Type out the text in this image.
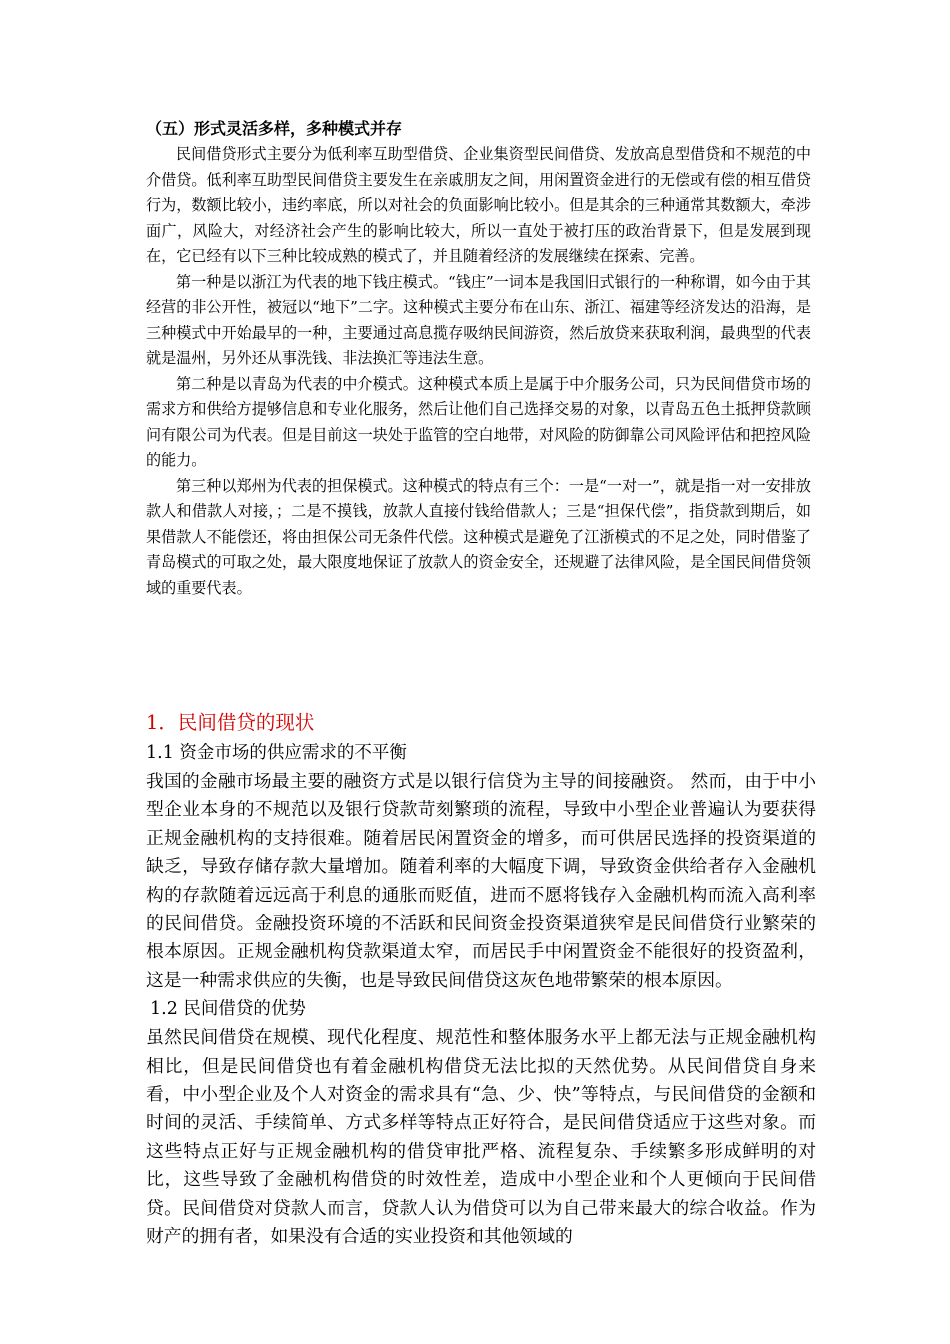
（五）形式灵活多样，多种模式并存

民间借贷形式主要分为低利率互助型借贷、企业集资型民间借贷、发放高息型借贷和不规范的中介借贷。低利率互助型民间借贷主要发生在亲戚朋友之间，用闲置资金进行的无偿或有偿的相互借贷行为，数额比较小，违约率底，所以对社会的负面影响比较小。但是其余的三种通常其数额大，牵涉面广，风险大，对经济社会产生的影响比较大，所以一直处于被打压的政治背景下，但是发展到现在，它已经有以下三种比较成熟的模式了，并且随着经济的发展继续在探索、完善。

第一种是以浙江为代表的地下钱庄模式。“钱庄”一词本是我国旧式银行的一种称谓，如今由于其经营的非公开性，被冠以“地下”二字。这种模式主要分布在山东、浙江、福建等经济发达的沿海，是三种模式中开始最早的一种，主要通过高息揽存吸纳民间游资，然后放贷来获取利润，最典型的代表就是温州，另外还从事洗钱、非法换汇等违法生意。

第二种是以青岛为代表的中介模式。这种模式本质上是属于中介服务公司，只为民间借贷市场的需求方和供给方提够信息和专业化服务，然后让他们自己选择交易的对象，以青岛五色土抵押贷款顾问有限公司为代表。但是目前这一块处于监管的空白地带，对风险的防御靠公司风险评估和把控风险的能力。

第三种以郑州为代表的担保模式。这种模式的特点有三个：一是“一对一”，就是指一对一安排放款人和借款人对接，；二是不摸钱，放款人直接付钱给借款人；三是“担保代偿”，指贷款到期后，如果借款人不能偿还，将由担保公司无条件代偿。这种模式是避免了江浙模式的不足之处，同时借鉴了青岛模式的可取之处，最大限度地保证了放款人的资金安全，还规避了法律风险，是全国民间借贷领域的重要代表。

1．民间借贷的现状
1.1 资金市场的供应需求的不平衡

我国的金融市场最主要的融资方式是以银行信贷为主导的间接融资。 然而，由于中小型企业本身的不规范以及银行贷款苛刻繁琐的流程，导致中小型企业普遍认为要获得正规金融机构的支持很难。随着居民闲置资金的增多，而可供居民选择的投资渠道的缺乏，导致存储存款大量增加。随着利率的大幅度下调，导致资金供给者存入金融机构的存款随着远远高于利息的通胀而贬值，进而不愿将钱存入金融机构而流入高利率的民间借贷。金融投资环境的不活跃和民间资金投资渠道狭窄是民间借贷行业繁荣的根本原因。正规金融机构贷款渠道太窄，而居民手中闲置资金不能很好的投资盈利，这是一种需求供应的失衡，也是导致民间借贷这灰色地带繁荣的根本原因。

1.2 民间借贷的优势

虽然民间借贷在规模、现代化程度、规范性和整体服务水平上都无法与正规金融机构相比，但是民间借贷也有着金融机构借贷无法比拟的天然优势。从民间借贷自身来看，中小型企业及个人对资金的需求具有“急、少、快”等特点，与民间借贷的金额和时间的灵活、手续简单、方式多样等特点正好符合，是民间借贷适应于这些对象。而这些特点正好与正规金融机构的借贷审批严格、流程复杂、手续繁多形成鲜明的对比，这些导致了金融机构借贷的时效性差，造成中小型企业和个人更倾向于民间借贷。民间借贷对贷款人而言，贷款人认为借贷可以为自己带来最大的综合收益。作为财产的拥有者，如果没有合适的实业投资和其他领域的
